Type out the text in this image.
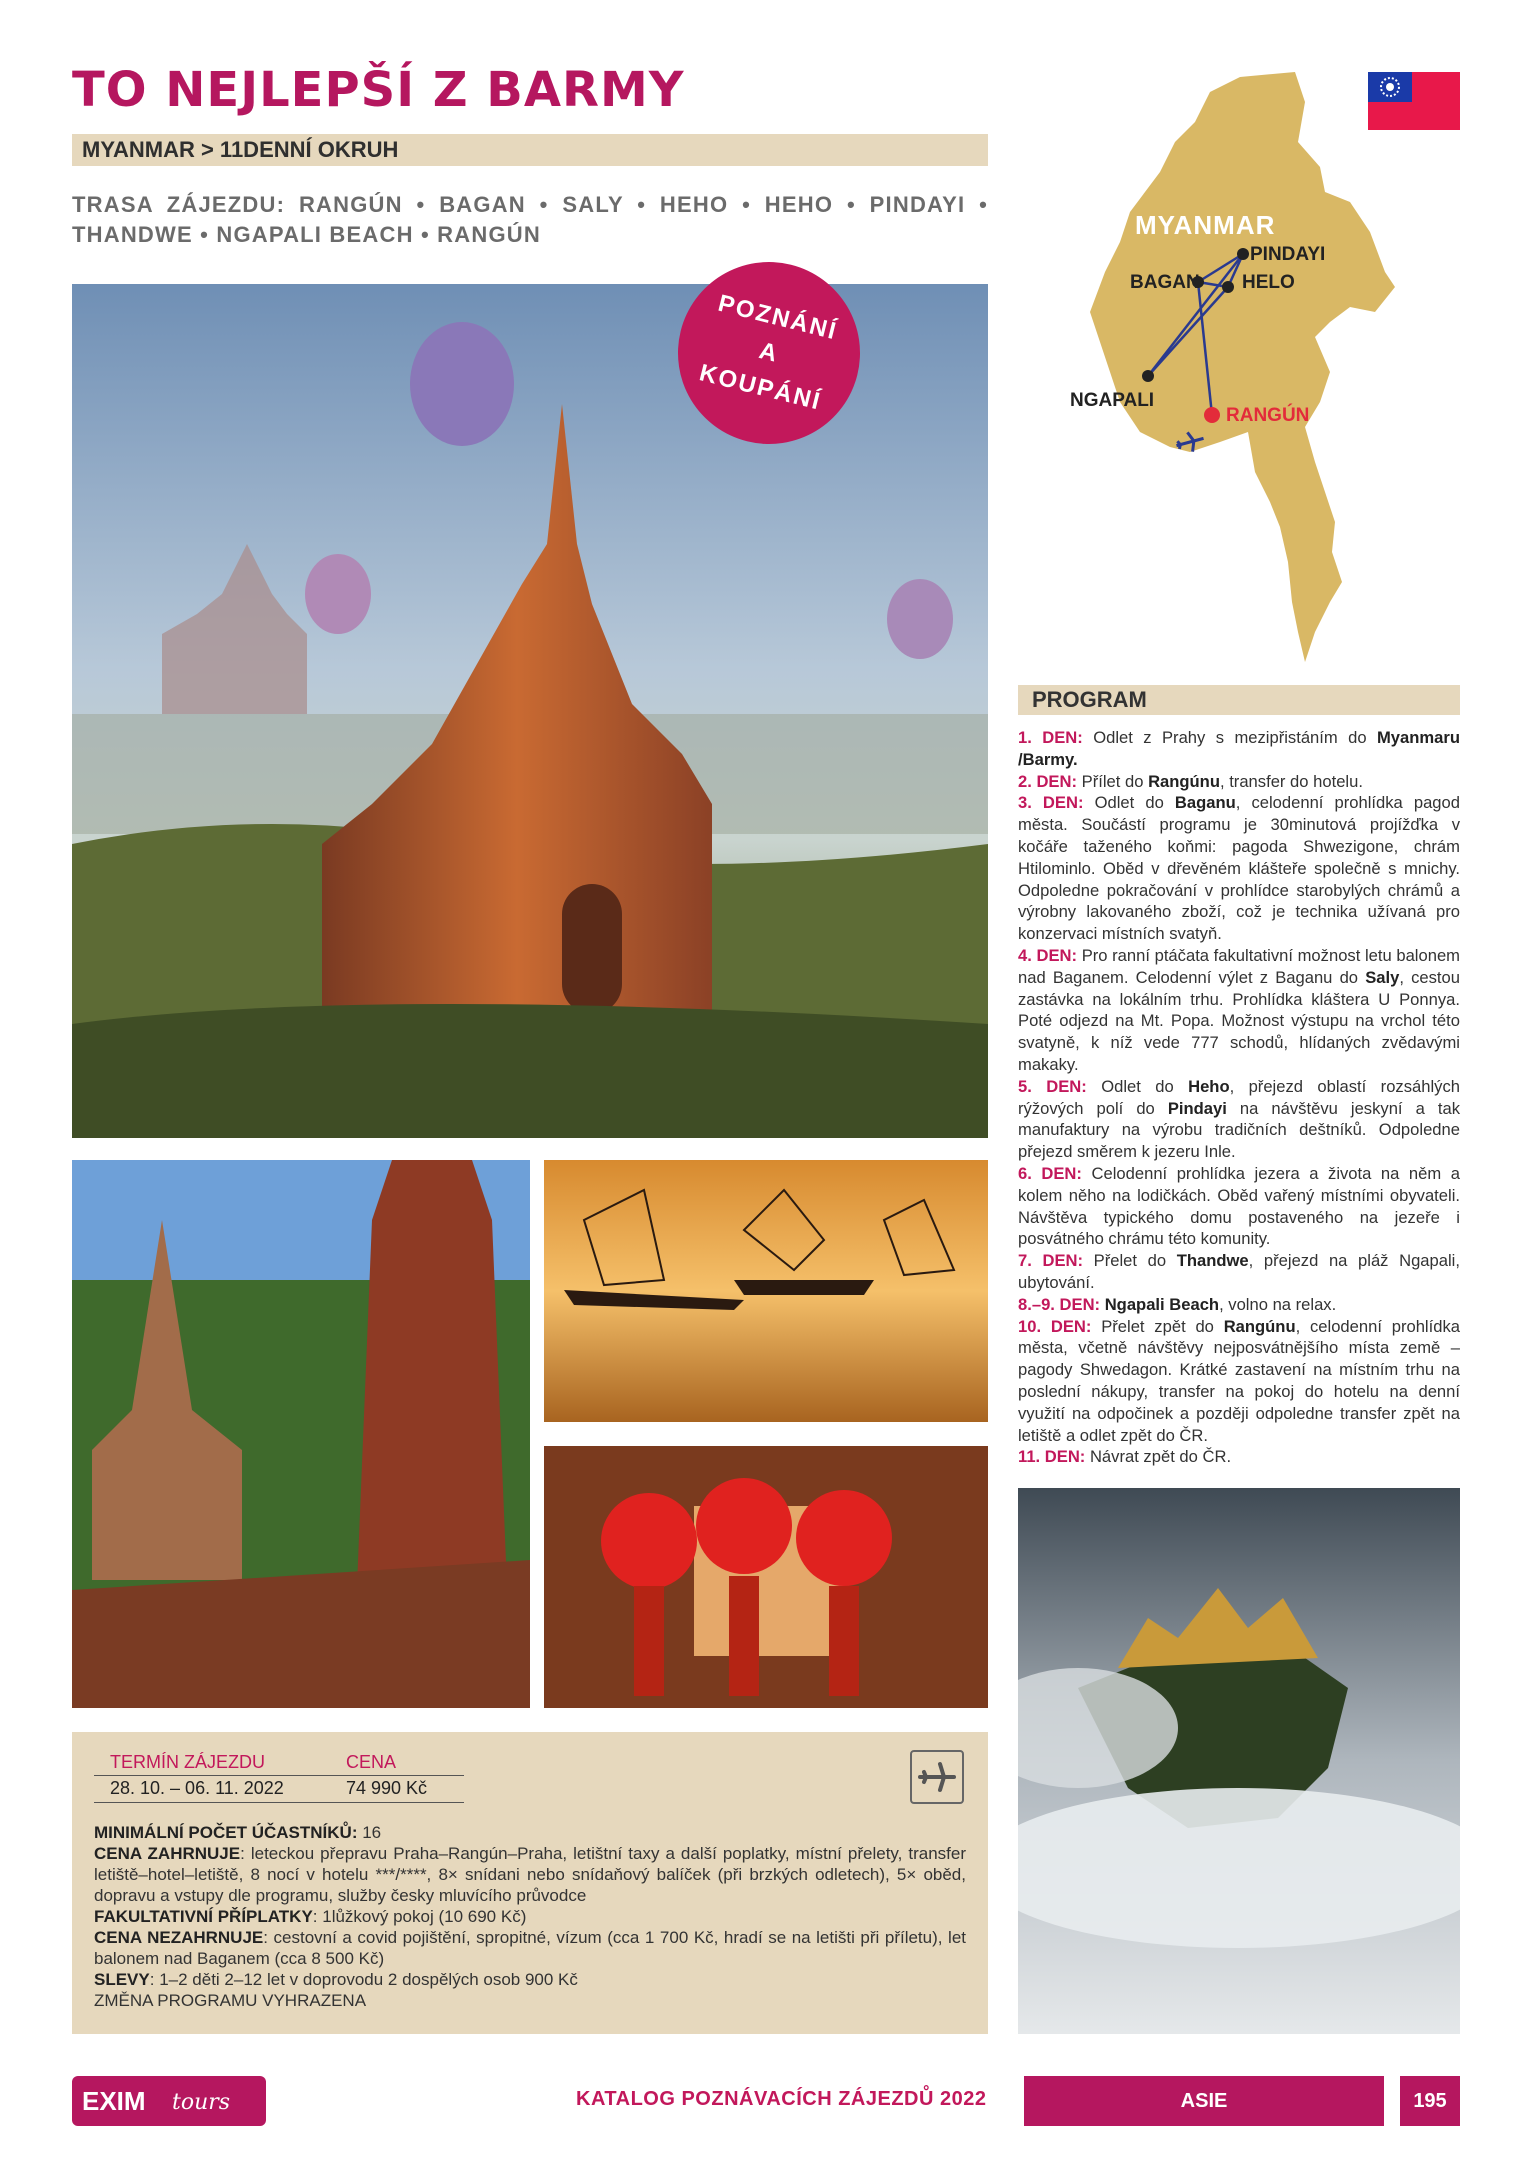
TO NEJLEPŠÍ Z BARMY
MYANMAR > 11DENNÍ OKRUH
TRASA ZÁJEZDU: RANGÚN • BAGAN • SALY • HEHO • HEHO • PINDAYI • THANDWE • NGAPALI BEACH • RANGÚN	MYANMAR
PINDAYI
BAGAN HELO
NGAPALI
RANGÚN
POZNÁNÍ
A
KOUPÁNÍ
PROGRAM

1. DEN: Odlet z Prahy s mezipřistáním do Myanmaru /Barmy.

2. DEN: Přílet do Rangúnu, transfer do hotelu.

3. DEN: Odlet do Baganu, celodenní prohlídka pagod města. Součástí programu je 30minutová projížďka v kočáře taženého koňmi: pagoda Shwezigone, chrám Htilominlo. Oběd v dřevěném klášteře společně s mnichy. Odpoledne pokračování v prohlídce starobylých chrámů a výrobny lakovaného zboží, což je technika užívaná pro konzervaci místních svatyň.

4. DEN: Pro ranní ptáčata fakultativní možnost letu balonem nad Baganem. Celodenní výlet z Baganu do Saly, cestou zastávka na lokálním trhu. Prohlídka kláštera U Ponnya. Poté odjezd na Mt. Popa. Možnost výstupu na vrchol této svatyně, k níž vede 777 schodů, hlídaných zvědavými makaky.

5. DEN: Odlet do Heho, přejezd oblastí rozsáhlých rýžových polí do Pindayi na návštěvu jeskyní a tak manufaktury na výrobu tradičních deštníků. Odpoledne přejezd směrem k jezeru Inle.

6. DEN: Celodenní prohlídka jezera a života na něm a kolem něho na lodičkách. Oběd vařený místními obyvateli. Návštěva typického domu postaveného na jezeře i posvátného chrámu této komunity.

7. DEN: Přelet do Thandwe, přejezd na pláž Ngapali, ubytování.

8.–9. DEN: Ngapali Beach, volno na relax.

10. DEN: Přelet zpět do Rangúnu, celodenní prohlídka města, včetně návštěvy nejposvátnějšího místa země – pagody Shwedagon. Krátké zastavení na místním trhu na poslední nákupy, transfer na pokoj do hotelu na denní využití na odpočinek a později odpoledne transfer zpět na letiště a odlet zpět do ČR.

11. DEN: Návrat zpět do ČR.

TERMÍN ZÁJEZDU	CENA
28. 10. – 06. 11. 2022	74 990 Kč

MINIMÁLNÍ POČET ÚČASTNÍKŮ: 16

CENA ZAHRNUJE: leteckou přepravu Praha–Rangún–Praha, letištní taxy a další poplatky, místní přelety, transfer letiště–hotel–letiště, 8 nocí v hotelu ***/****, 8× snídani nebo snídaňový balíček (při brzkých odletech), 5× oběd, dopravu a vstupy dle programu, služby česky mluvícího průvodce

FAKULTATIVNÍ PŘÍPLATKY: 1lůžkový pokoj (10 690 Kč)

CENA NEZAHRNUJE: cestovní a covid pojištění, spropitné, vízum (cca 1 700 Kč, hradí se na letišti při příletu), let balonem nad Baganem (cca 8 500 Kč)

SLEVY: 1–2 děti 2–12 let v doprovodu 2 dospělých osob 900 Kč

ZMĚNA PROGRAMU VYHRAZENA

EXIM tours	KATALOG POZNÁVACÍCH ZÁJEZDŮ 2022	ASIE	195
